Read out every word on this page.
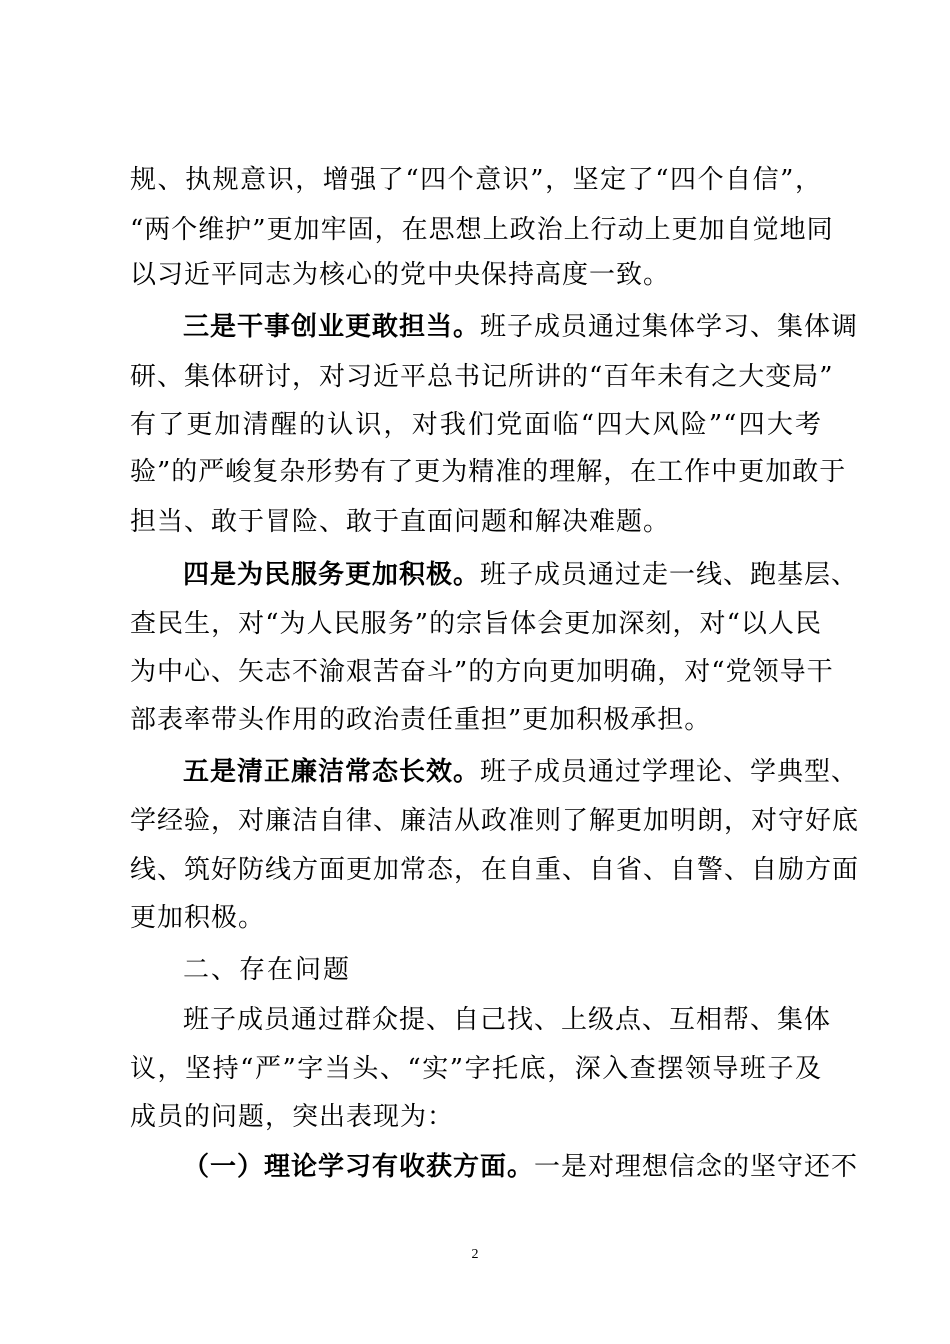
规、执规意识，增强了“四个意识”，坚定了“四个自信”，
“两个维护”更加牢固，在思想上政治上行动上更加自觉地同
以习近平同志为核心的党中央保持高度一致。
三是干事创业更敢担当。班子成员通过集体学习、集体调
研、集体研讨，对习近平总书记所讲的“百年未有之大变局”
有了更加清醒的认识，对我们党面临“四大风险”“四大考
验”的严峻复杂形势有了更为精准的理解，在工作中更加敢于
担当、敢于冒险、敢于直面问题和解决难题。
四是为民服务更加积极。班子成员通过走一线、跑基层、
查民生，对“为人民服务”的宗旨体会更加深刻，对“以人民
为中心、矢志不渝艰苦奋斗”的方向更加明确，对“党领导干
部表率带头作用的政治责任重担”更加积极承担。
五是清正廉洁常态长效。班子成员通过学理论、学典型、
学经验，对廉洁自律、廉洁从政准则了解更加明朗，对守好底
线、筑好防线方面更加常态，在自重、自省、自警、自励方面
更加积极。
二、存在问题
班子成员通过群众提、自己找、上级点、互相帮、集体
议，坚持“严”字当头、“实”字托底，深入查摆领导班子及
成员的问题，突出表现为：
（一）理论学习有收获方面。一是对理想信念的坚守还不
2
